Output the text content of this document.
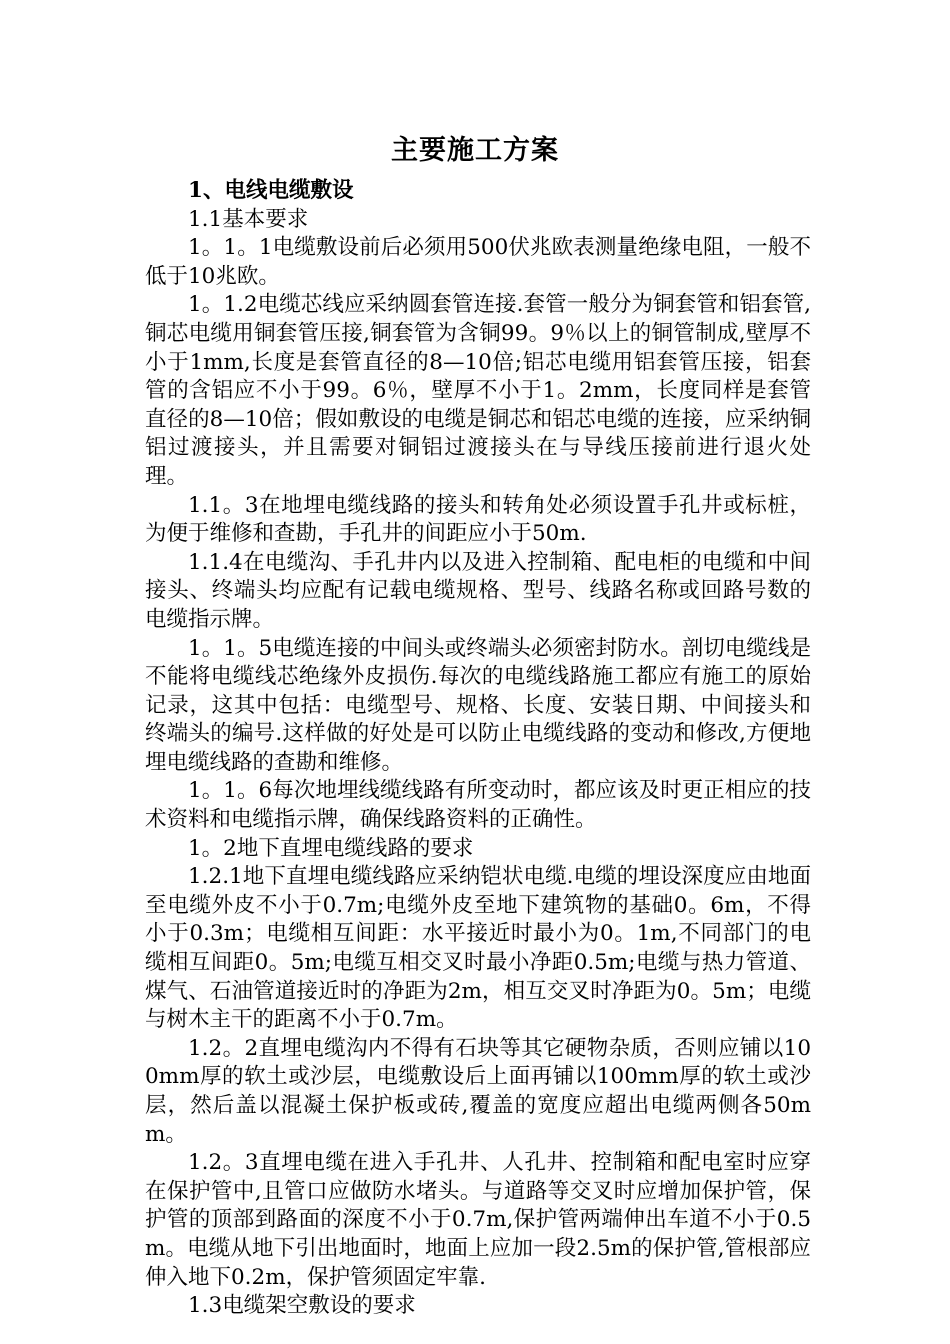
主要施工方案

1、电线电缆敷设

1.1基本要求

1。1。1电缆敷设前后必须用500伏兆欧表测量绝缘电阻，一般不低于10兆欧。

1。1.2电缆芯线应采纳圆套管连接.套管一般分为铜套管和铝套管,铜芯电缆用铜套管压接,铜套管为含铜99。9％以上的铜管制成,壁厚不小于1mm,长度是套管直径的8—10倍;铝芯电缆用铝套管压接，铝套管的含铝应不小于99。6％，壁厚不小于1。2mm，长度同样是套管直径的8—10倍；假如敷设的电缆是铜芯和铝芯电缆的连接，应采纳铜铝过渡接头，并且需要对铜铝过渡接头在与导线压接前进行退火处理。

1.1。3在地埋电缆线路的接头和转角处必须设置手孔井或标桩，为便于维修和查勘，手孔井的间距应小于50m.

1.1.4在电缆沟、手孔井内以及进入控制箱、配电柜的电缆和中间接头、终端头均应配有记载电缆规格、型号、线路名称或回路号数的电缆指示牌。

1。1。5电缆连接的中间头或终端头必须密封防水。剖切电缆线是不能将电缆线芯绝缘外皮损伤.每次的电缆线路施工都应有施工的原始记录，这其中包括：电缆型号、规格、长度、安装日期、中间接头和终端头的编号.这样做的好处是可以防止电缆线路的变动和修改,方便地埋电缆线路的查勘和维修。

1。1。6每次地埋线缆线路有所变动时，都应该及时更正相应的技术资料和电缆指示牌，确保线路资料的正确性。

1。2地下直埋电缆线路的要求

1.2.1地下直埋电缆线路应采纳铠状电缆.电缆的埋设深度应由地面至电缆外皮不小于0.7m;电缆外皮至地下建筑物的基础0。6m，不得小于0.3m；电缆相互间距：水平接近时最小为0。1m,不同部门的电缆相互间距0。5m;电缆互相交叉时最小净距0.5m;电缆与热力管道、煤气、石油管道接近时的净距为2m，相互交叉时净距为0。5m；电缆与树木主干的距离不小于0.7m。

1.2。2直埋电缆沟内不得有石块等其它硬物杂质，否则应铺以100mm厚的软土或沙层，电缆敷设后上面再铺以100mm厚的软土或沙层，然后盖以混凝土保护板或砖,覆盖的宽度应超出电缆两侧各50mm。

1.2。3直埋电缆在进入手孔井、人孔井、控制箱和配电室时应穿在保护管中,且管口应做防水堵头。与道路等交叉时应增加保护管，保护管的顶部到路面的深度不小于0.7m,保护管两端伸出车道不小于0.5m。电缆从地下引出地面时，地面上应加一段2.5m的保护管,管根部应伸入地下0.2m，保护管须固定牢靠.

1.3电缆架空敷设的要求
